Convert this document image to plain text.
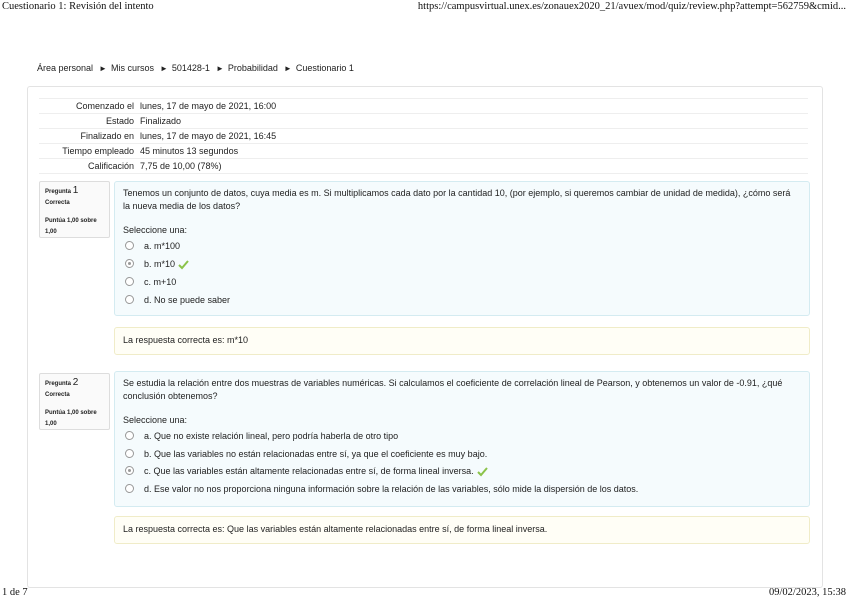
Cuestionario 1: Revisión del intento	https://campusvirtual.unex.es/zonauex2020_21/avuex/mod/quiz/review.php?attempt=562759&cmid...
Área personal ► Mis cursos ► 501428-1 ► Probabilidad ► Cuestionario 1
Comenzado el	lunes, 17 de mayo de 2021, 16:00
Estado	Finalizado
Finalizado en	lunes, 17 de mayo de 2021, 16:45
Tiempo empleado	45 minutos 13 segundos
Calificación	7,75 de 10,00 (78%)
Pregunta 1
Correcta
Puntúa 1,00 sobre 1,00
Tenemos un conjunto de datos, cuya media es m. Si multiplicamos cada dato por la cantidad 10, (por ejemplo, si queremos cambiar de unidad de medida), ¿cómo será la nueva media de los datos?
Seleccione una:
a. m*100
b. m*10
c. m+10
d. No se puede saber
La respuesta correcta es: m*10
Pregunta 2
Correcta
Puntúa 1,00 sobre 1,00
Se estudia la relación entre dos muestras de variables numéricas. Si calculamos el coeficiente de correlación lineal de Pearson, y obtenemos un valor de -0.91, ¿qué conclusión obtenemos?
Seleccione una:
a. Que no existe relación lineal, pero podría haberla de otro tipo
b. Que las variables no están relacionadas entre sí, ya que el coeficiente es muy bajo.
c. Que las variables están altamente relacionadas entre sí, de forma lineal inversa.
d. Ese valor no nos proporciona ninguna información sobre la relación de las variables, sólo mide la dispersión de los datos.
La respuesta correcta es: Que las variables están altamente relacionadas entre sí, de forma lineal inversa.
1 de 7	09/02/2023, 15:38
